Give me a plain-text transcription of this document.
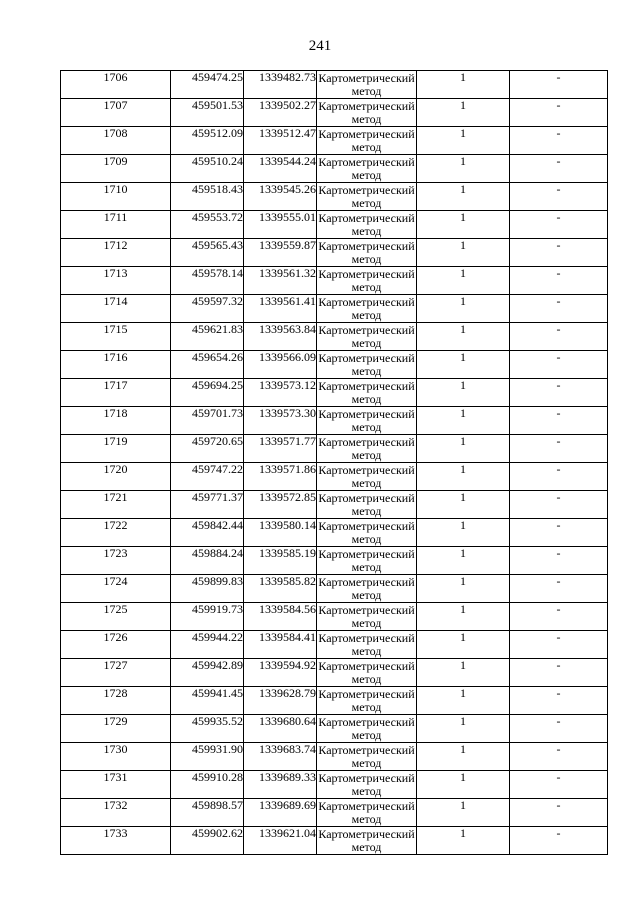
241
1706	459474.25	1339482.73	Картометрический метод	1	-
1707	459501.53	1339502.27	Картометрический метод	1	-
1708	459512.09	1339512.47	Картометрический метод	1	-
1709	459510.24	1339544.24	Картометрический метод	1	-
1710	459518.43	1339545.26	Картометрический метод	1	-
1711	459553.72	1339555.01	Картометрический метод	1	-
1712	459565.43	1339559.87	Картометрический метод	1	-
1713	459578.14	1339561.32	Картометрический метод	1	-
1714	459597.32	1339561.41	Картометрический метод	1	-
1715	459621.83	1339563.84	Картометрический метод	1	-
1716	459654.26	1339566.09	Картометрический метод	1	-
1717	459694.25	1339573.12	Картометрический метод	1	-
1718	459701.73	1339573.30	Картометрический метод	1	-
1719	459720.65	1339571.77	Картометрический метод	1	-
1720	459747.22	1339571.86	Картометрический метод	1	-
1721	459771.37	1339572.85	Картометрический метод	1	-
1722	459842.44	1339580.14	Картометрический метод	1	-
1723	459884.24	1339585.19	Картометрический метод	1	-
1724	459899.83	1339585.82	Картометрический метод	1	-
1725	459919.73	1339584.56	Картометрический метод	1	-
1726	459944.22	1339584.41	Картометрический метод	1	-
1727	459942.89	1339594.92	Картометрический метод	1	-
1728	459941.45	1339628.79	Картометрический метод	1	-
1729	459935.52	1339680.64	Картометрический метод	1	-
1730	459931.90	1339683.74	Картометрический метод	1	-
1731	459910.28	1339689.33	Картометрический метод	1	-
1732	459898.57	1339689.69	Картометрический метод	1	-
1733	459902.62	1339621.04	Картометрический метод	1	-
